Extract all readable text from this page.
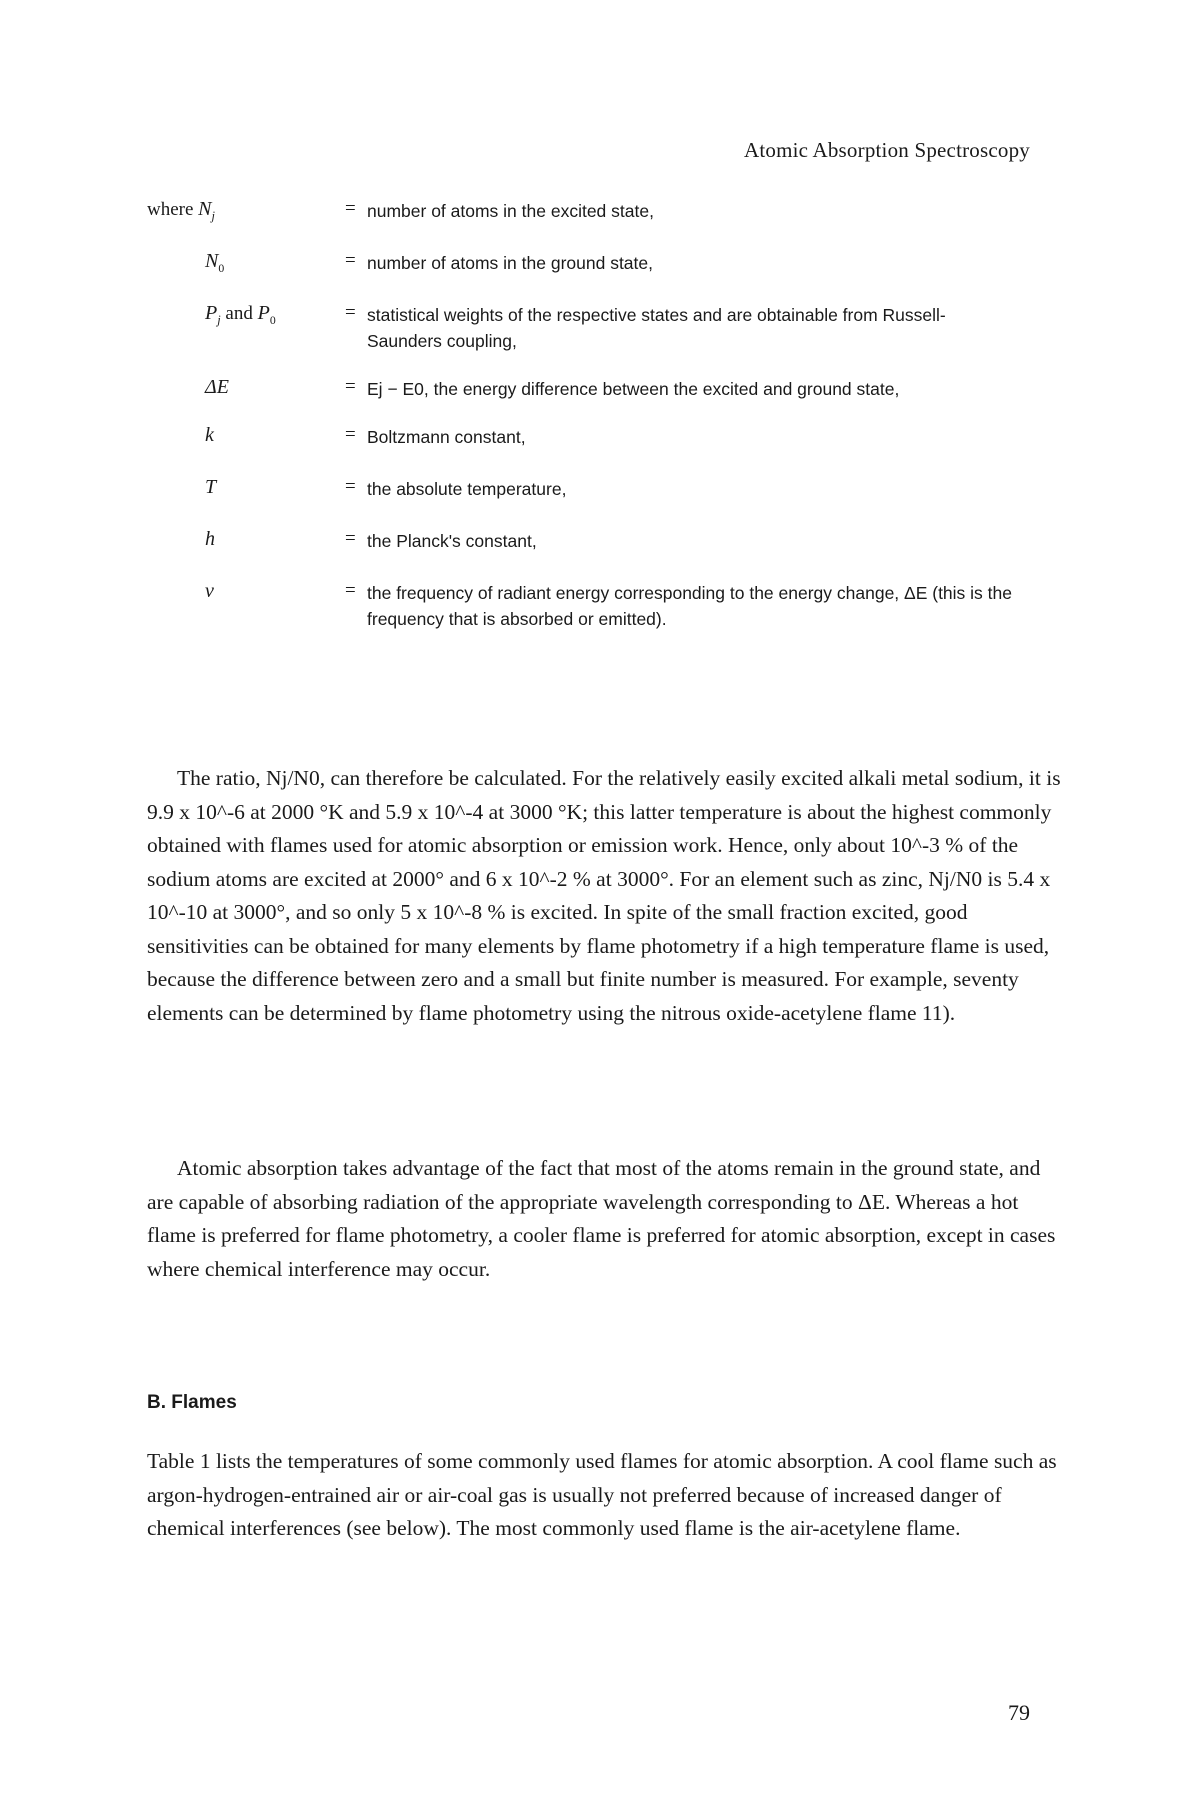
Atomic Absorption Spectroscopy
where $N_j$	= number of atoms in the excited state,
$N_0$	= number of atoms in the ground state,
$P_j$ and $P_0$	= statistical weights of the respective states and are obtainable from Russell-Saunders coupling,
ΔE	= Ej − E0, the energy difference between the excited and ground state,
k	= Boltzmann constant,
T	= the absolute temperature,
h	= the Planck's constant,
ν	= the frequency of radiant energy corresponding to the energy change, ΔE (this is the frequency that is absorbed or emitted).

The ratio, Nj/N0, can therefore be calculated. For the relatively easily excited alkali metal sodium, it is 9.9 x 10^-6 at 2000 °K and 5.9 x 10^-4 at 3000 °K; this latter temperature is about the highest commonly obtained with flames used for atomic absorption or emission work. Hence, only about 10^-3 % of the sodium atoms are excited at 2000° and 6 x 10^-2 % at 3000°. For an element such as zinc, Nj/N0 is 5.4 x 10^-10 at 3000°, and so only 5 x 10^-8 % is excited. In spite of the small fraction excited, good sensitivities can be obtained for many elements by flame photometry if a high temperature flame is used, because the difference between zero and a small but finite number is measured. For example, seventy elements can be determined by flame photometry using the nitrous oxide-acetylene flame 11).

Atomic absorption takes advantage of the fact that most of the atoms remain in the ground state, and are capable of absorbing radiation of the appropriate wavelength corresponding to ΔE. Whereas a hot flame is preferred for flame photometry, a cooler flame is preferred for atomic absorption, except in cases where chemical interference may occur.

B. Flames

Table 1 lists the temperatures of some commonly used flames for atomic absorption. A cool flame such as argon-hydrogen-entrained air or air-coal gas is usually not preferred because of increased danger of chemical interferences (see below). The most commonly used flame is the air-acetylene flame.

79
